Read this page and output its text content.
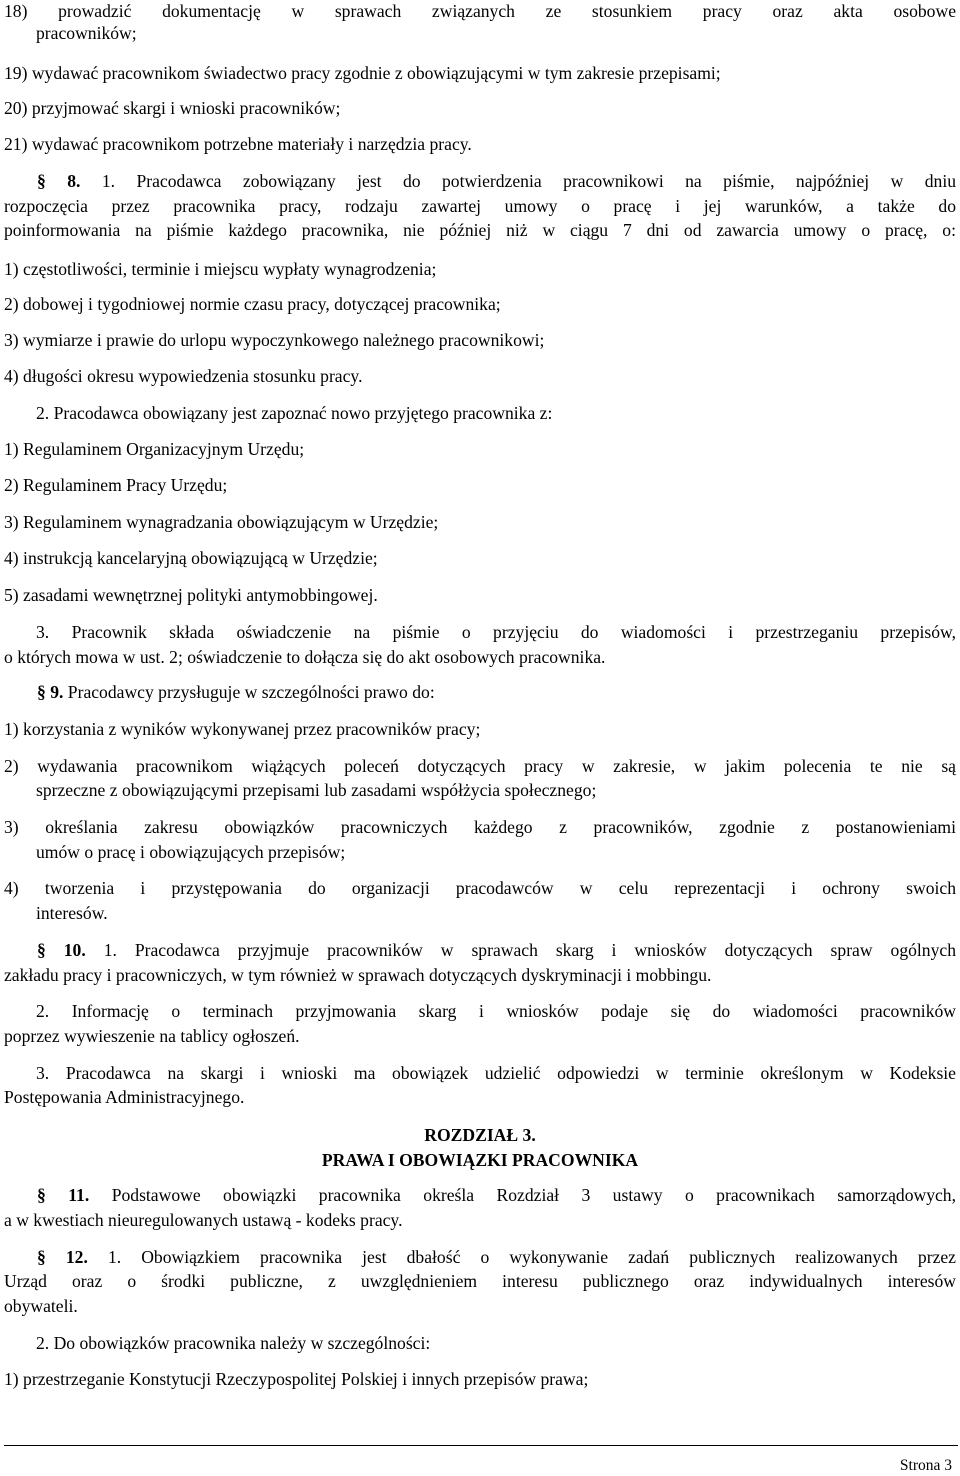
18) prowadzić dokumentację w sprawach związanych ze stosunkiem pracy oraz akta osobowe
pracowników;
19) wydawać pracownikom świadectwo pracy zgodnie z obowiązującymi w tym zakresie przepisami;
20) przyjmować skargi i wnioski pracowników;
21) wydawać pracownikom potrzebne materiały i narzędzia pracy.
§ 8. 1. Pracodawca zobowiązany jest do potwierdzenia pracownikowi na piśmie, najpóźniej w dniu
rozpoczęcia przez pracownika pracy, rodzaju zawartej umowy o pracę i jej warunków, a także do
poinformowania na piśmie każdego pracownika, nie później niż w ciągu 7 dni od zawarcia umowy o pracę, o:
1) częstotliwości, terminie i miejscu wypłaty wynagrodzenia;
2) dobowej i tygodniowej normie czasu pracy, dotyczącej pracownika;
3) wymiarze i prawie do urlopu wypoczynkowego należnego pracownikowi;
4) długości okresu wypowiedzenia stosunku pracy.
2. Pracodawca obowiązany jest zapoznać nowo przyjętego pracownika z:
1) Regulaminem Organizacyjnym Urzędu;
2) Regulaminem Pracy Urzędu;
3) Regulaminem wynagradzania obowiązującym w Urzędzie;
4) instrukcją kancelaryjną obowiązującą w Urzędzie;
5) zasadami wewnętrznej polityki antymobbingowej.
3. Pracownik składa oświadczenie na piśmie o przyjęciu do wiadomości i przestrzeganiu przepisów,
o których mowa w ust. 2; oświadczenie to dołącza się do akt osobowych pracownika.
§ 9. Pracodawcy przysługuje w szczególności prawo do:
1) korzystania z wyników wykonywanej przez pracowników pracy;
2) wydawania pracownikom wiążących poleceń dotyczących pracy w zakresie, w jakim polecenia te nie są
sprzeczne z obowiązującymi przepisami lub zasadami współżycia społecznego;
3) określania zakresu obowiązków pracowniczych każdego z pracowników, zgodnie z postanowieniami
umów o pracę i obowiązujących przepisów;
4) tworzenia i przystępowania do organizacji pracodawców w celu reprezentacji i ochrony swoich
interesów.
§ 10. 1. Pracodawca przyjmuje pracowników w sprawach skarg i wniosków dotyczących spraw ogólnych
zakładu pracy i pracowniczych, w tym również w sprawach dotyczących dyskryminacji i mobbingu.
2. Informację o terminach przyjmowania skarg i wniosków podaje się do wiadomości pracowników
poprzez wywieszenie na tablicy ogłoszeń.
3. Pracodawca na skargi i wnioski ma obowiązek udzielić odpowiedzi w terminie określonym w Kodeksie
Postępowania Administracyjnego.
ROZDZIAŁ 3.
PRAWA I OBOWIĄZKI PRACOWNIKA
§ 11. Podstawowe obowiązki pracownika określa Rozdział 3 ustawy o pracownikach samorządowych,
a w kwestiach nieuregulowanych ustawą - kodeks pracy.
§ 12. 1. Obowiązkiem pracownika jest dbałość o wykonywanie zadań publicznych realizowanych przez
Urząd oraz o środki publiczne, z uwzględnieniem interesu publicznego oraz indywidualnych interesów
obywateli.
2. Do obowiązków pracownika należy w szczególności:
1) przestrzeganie Konstytucji Rzeczypospolitej Polskiej i innych przepisów prawa;
Strona 3
